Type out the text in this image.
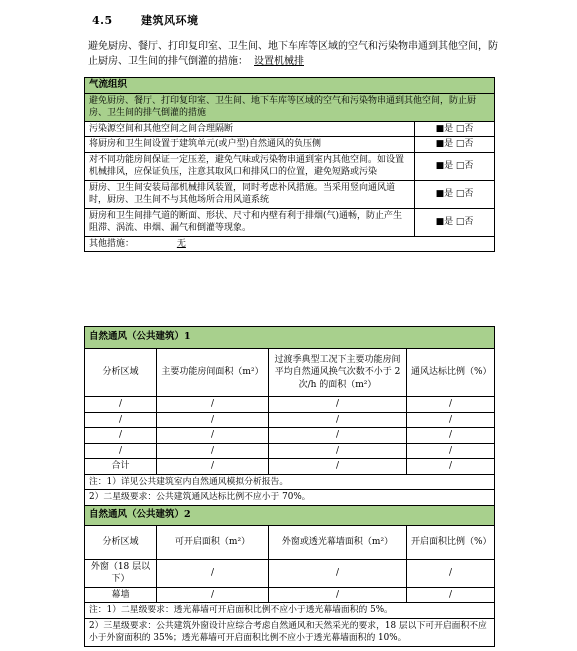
4.5	建筑风环境
避免厨房、餐厅、打印复印室、卫生间、地下车库等区域的空气和污染物串通到其他空间，防止厨房、卫生间的排气倒灌的措施： 设置机械排
气流组织	
避免厨房、餐厅、打印复印室、卫生间、地下车库等区域的空气和污染物串通到其他空间，防止厨房、卫生间的排气倒灌的措施	
污染源空间和其他空间之间合理隔断	■是 □否
将厨房和卫生间设置于建筑单元(或户型)自然通风的负压侧	■是 □否
对不同功能房间保证一定压差，避免气味或污染物串通到室内其他空间。如设置机械排风，应保证负压，注意其取风口和排风口的位置，避免短路或污染	■是 □否
厨房、卫生间安装局部机械排风装置，同时考虑补风措施。当采用竖向通风道时，厨房、卫生间不与其他场所合用风道系统	■是 □否
厨房和卫生间排气道的断面、形状、尺寸和内壁有利于排烟(气)通畅，防止产生阻滞、涡流、串烟、漏气和倒灌等现象。	■是 □否
其他措施： 无	
自然通风（公共建筑）1			
分析区域	主要功能房间面积（m²）	过渡季典型工况下主要功能房间平均自然通风换气次数不小于 2 次/h 的面积（m²）	通风达标比例（%）
/	/	/	/
/	/	/	/
/	/	/	/
/	/	/	/
合计	/	/	/
注：1）详见公共建筑室内自然通风模拟分析报告。			
2）二星级要求：公共建筑通风达标比例不应小于 70%。			
自然通风（公共建筑）2			
分析区域	可开启面积（m²）	外窗或透光幕墙面积（m²）	开启面积比例（%）
外窗（18 层以下）	/	/	/
幕墙	/	/	/
注：1）二星级要求：透光幕墙可开启面积比例不应小于透光幕墙面积的 5%。			
2）三星级要求：公共建筑外窗设计应综合考虑自然通风和天然采光的要求，18 层以下可开启面积不应小于外窗面积的 35%；透光幕墙可开启面积比例不应小于透光幕墙面积的 10%。			
